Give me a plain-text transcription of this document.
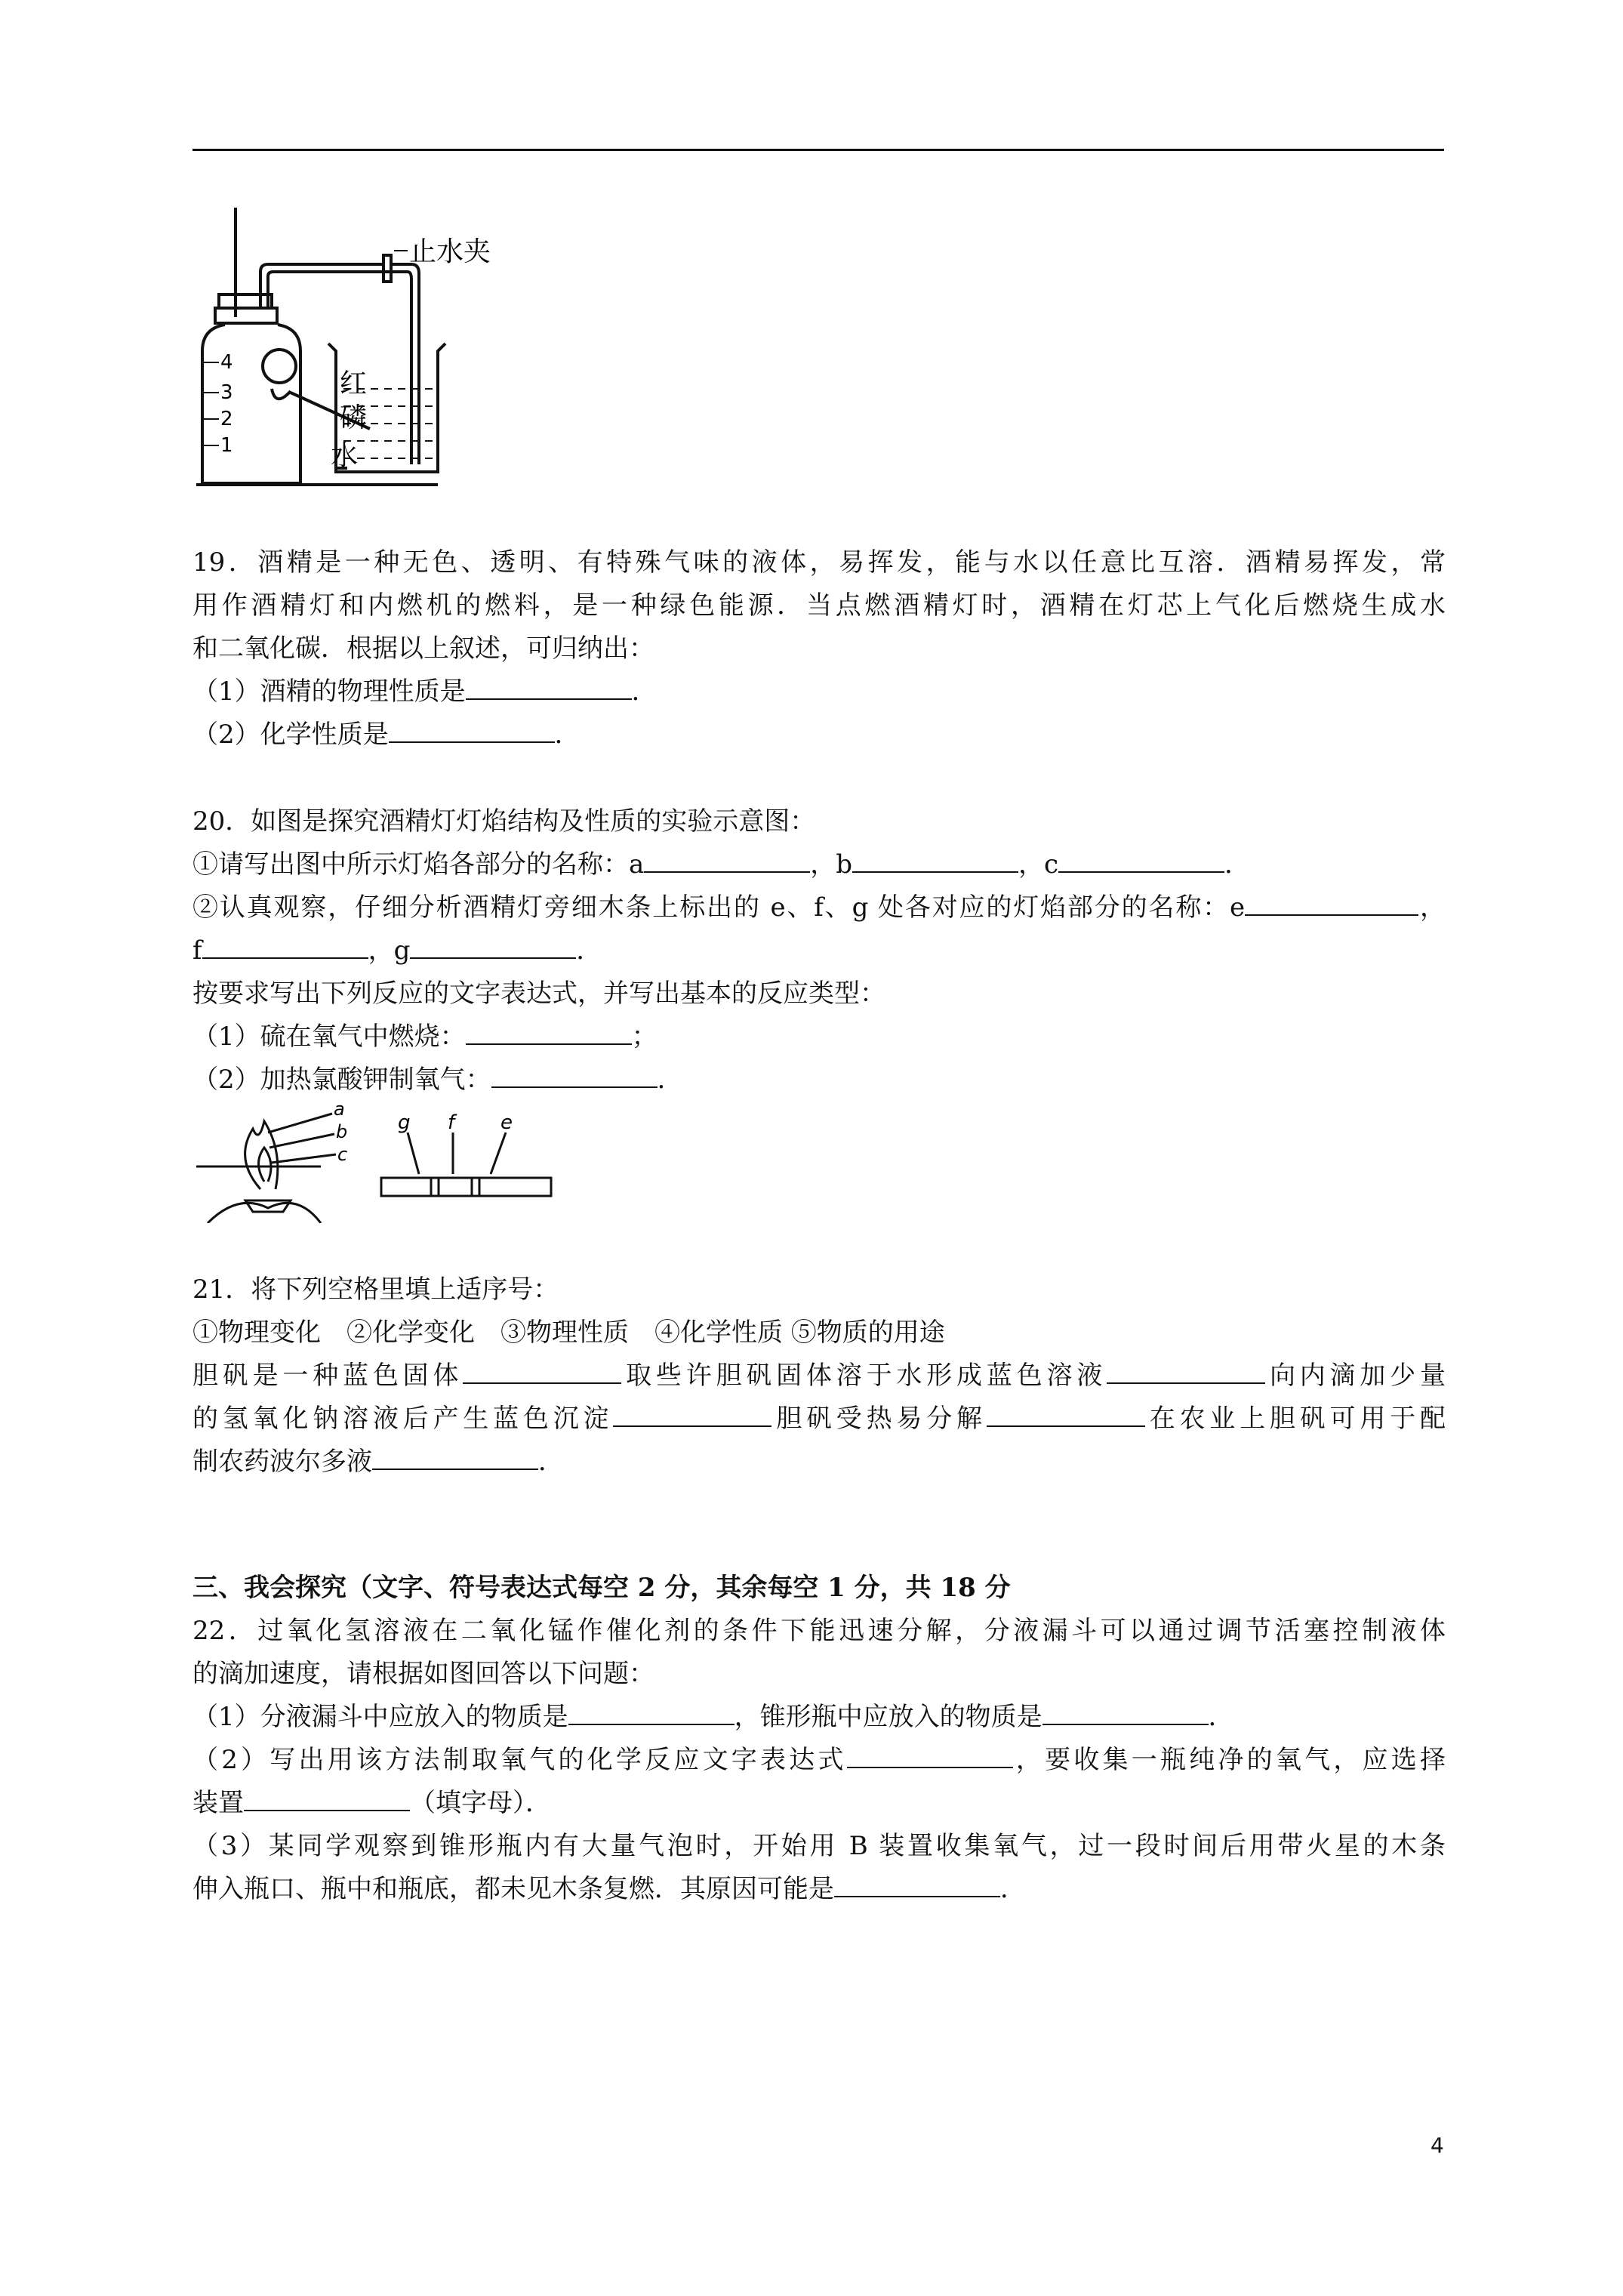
止水夹
4
3
2
1
红
磷
水
19．酒精是一种无色、透明、有特殊气味的液体，易挥发，能与水以任意比互溶．酒精易挥发，常
用作酒精灯和内燃机的燃料，是一种绿色能源．当点燃酒精灯时，酒精在灯芯上气化后燃烧生成水
和二氧化碳．根据以上叙述，可归纳出：
（1）酒精的物理性质是	．
（2）化学性质是	．
20．如图是探究酒精灯灯焰结构及性质的实验示意图：
①请写出图中所示灯焰各部分的名称：a	，b	，c	．
②认真观察，仔细分析酒精灯旁细木条上标出的 e、f、g 处各对应的灯焰部分的名称：e	，
f	，g	．
按要求写出下列反应的文字表达式，并写出基本的反应类型：
（1）硫在氧气中燃烧：	；
（2）加热氯酸钾制氧气：	．
a
b
c
g f e
21．将下列空格里填上适序号：
①物理变化　②化学变化　③物理性质　④化学性质 ⑤物质的用途
胆矾是一种蓝色固体	取些许胆矾固体溶于水形成蓝色溶液	向内滴加少量
的氢氧化钠溶液后产生蓝色沉淀	胆矾受热易分解	在农业上胆矾可用于配
制农药波尔多液	．
三、我会探究（文字、符号表达式每空 2 分，其余每空 1 分，共 18 分
22．过氧化氢溶液在二氧化锰作催化剂的条件下能迅速分解，分液漏斗可以通过调节活塞控制液体
的滴加速度，请根据如图回答以下问题：
（1）分液漏斗中应放入的物质是	，锥形瓶中应放入的物质是	．
（2）写出用该方法制取氧气的化学反应文字表达式	，要收集一瓶纯净的氧气，应选择
装置	（填字母）．
（3）某同学观察到锥形瓶内有大量气泡时，开始用 B 装置收集氧气，过一段时间后用带火星的木条
伸入瓶口、瓶中和瓶底，都未见木条复燃．其原因可能是	．
4
